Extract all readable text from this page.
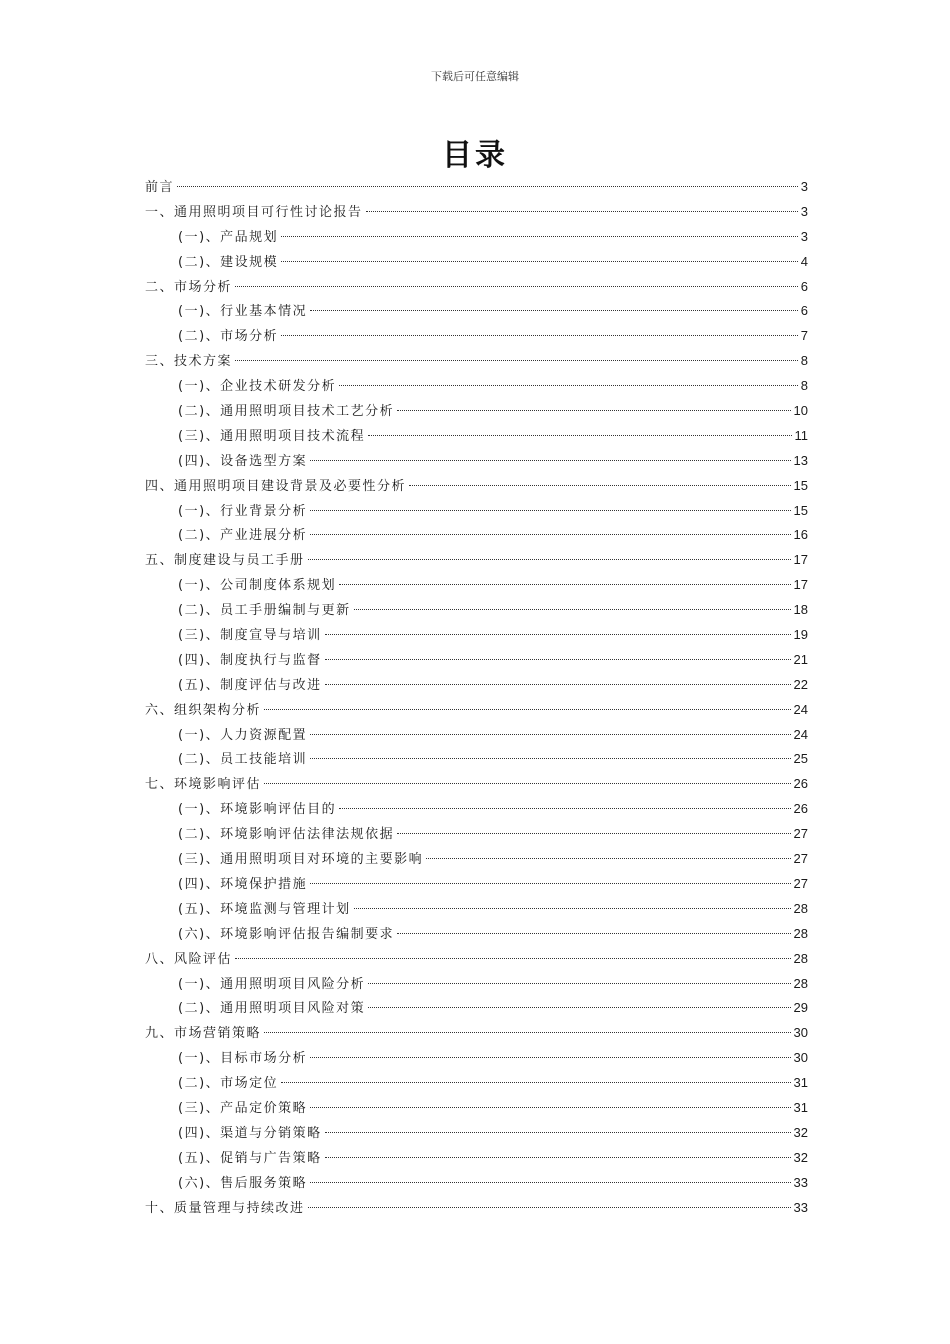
下载后可任意编辑
目录
前言	3
一、通用照明项目可行性讨论报告	3
(一)、产品规划	3
(二)、建设规模	4
二、市场分析	6
(一)、行业基本情况	6
(二)、市场分析	7
三、技术方案	8
(一)、企业技术研发分析	8
(二)、通用照明项目技术工艺分析	10
(三)、通用照明项目技术流程	11
(四)、设备选型方案	13
四、通用照明项目建设背景及必要性分析	15
(一)、行业背景分析	15
(二)、产业进展分析	16
五、制度建设与员工手册	17
(一)、公司制度体系规划	17
(二)、员工手册编制与更新	18
(三)、制度宣导与培训	19
(四)、制度执行与监督	21
(五)、制度评估与改进	22
六、组织架构分析	24
(一)、人力资源配置	24
(二)、员工技能培训	25
七、环境影响评估	26
(一)、环境影响评估目的	26
(二)、环境影响评估法律法规依据	27
(三)、通用照明项目对环境的主要影响	27
(四)、环境保护措施	27
(五)、环境监测与管理计划	28
(六)、环境影响评估报告编制要求	28
八、风险评估	28
(一)、通用照明项目风险分析	28
(二)、通用照明项目风险对策	29
九、市场营销策略	30
(一)、目标市场分析	30
(二)、市场定位	31
(三)、产品定价策略	31
(四)、渠道与分销策略	32
(五)、促销与广告策略	32
(六)、售后服务策略	33
十、质量管理与持续改进	33
